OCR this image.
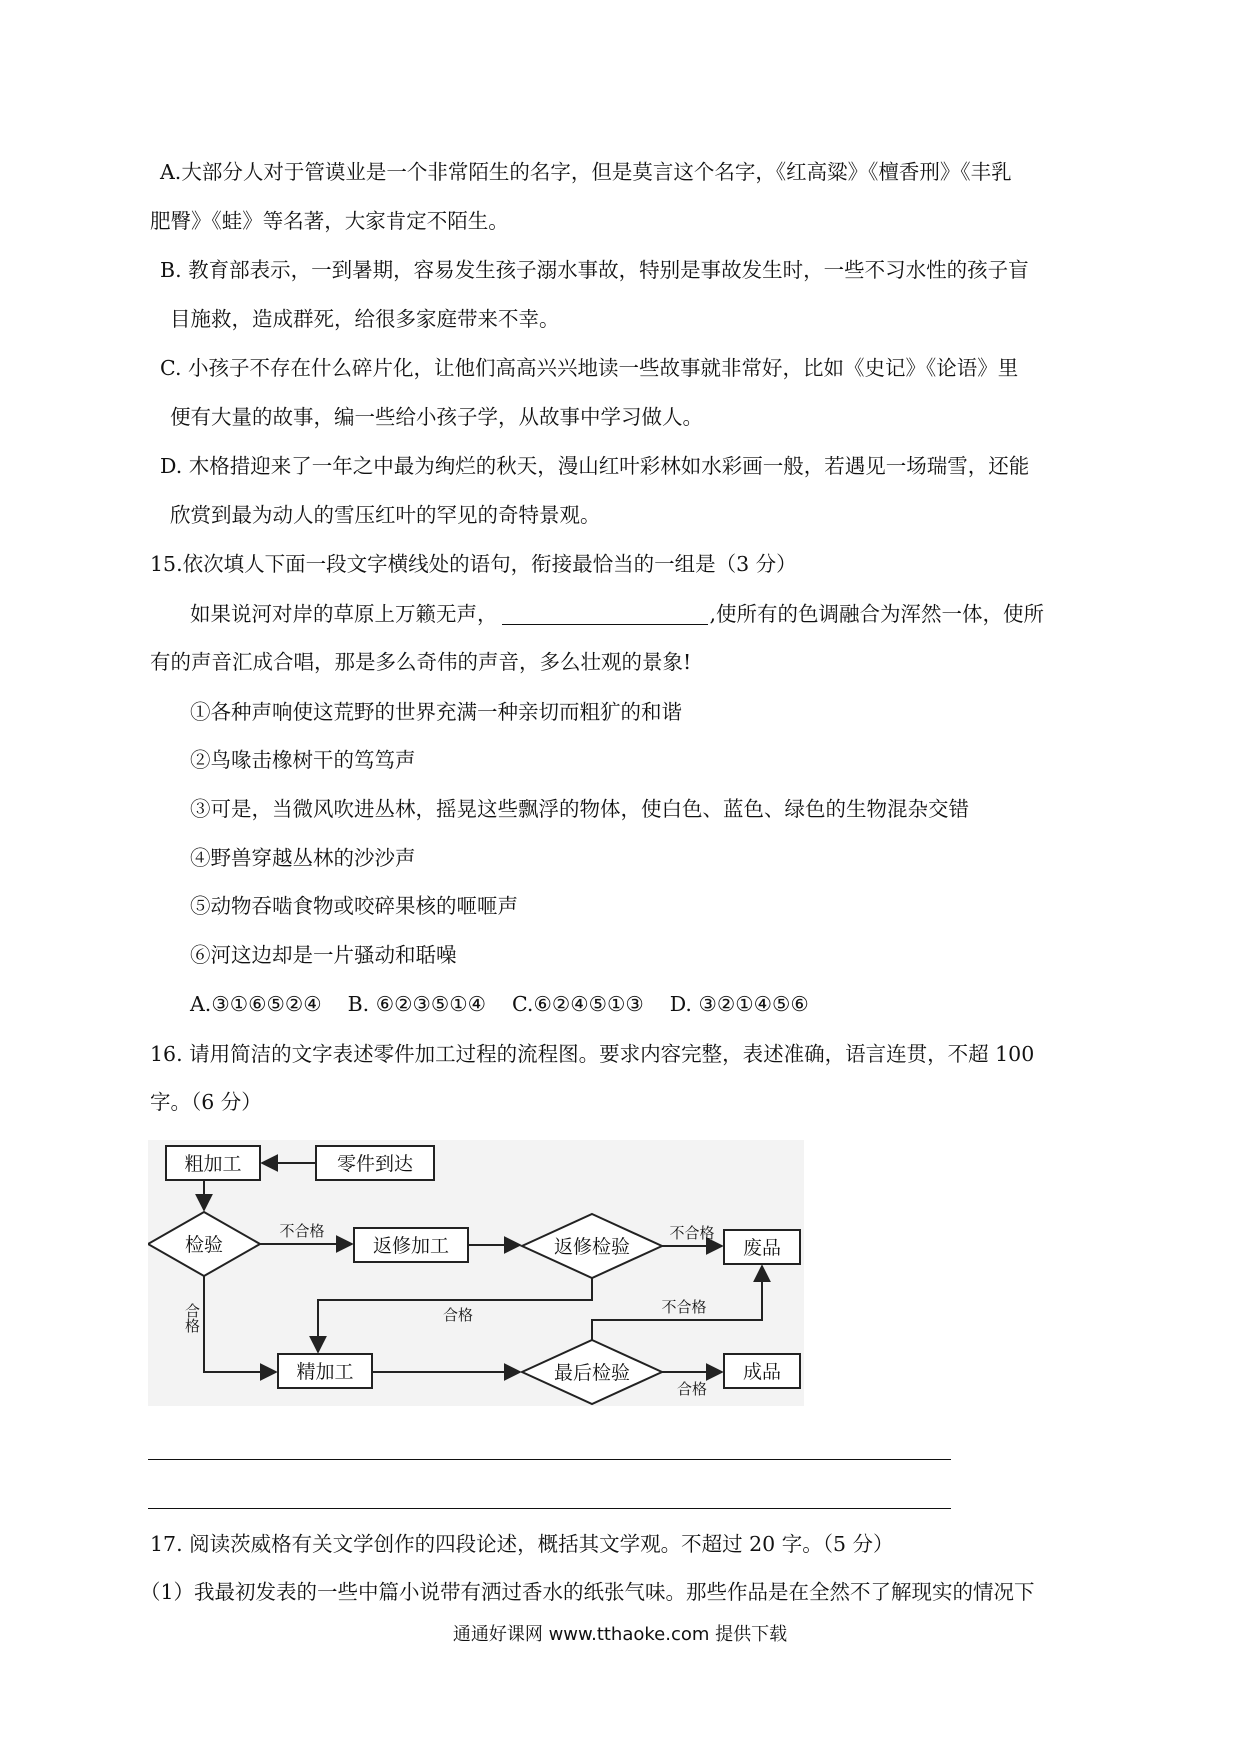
A.大部分人对于管谟业是一个非常陌生的名字，但是莫言这个名字，《红高粱》《檀香刑》《丰乳
肥臀》《蛙》等名著，大家肯定不陌生。
B. 教育部表示，一到暑期，容易发生孩子溺水事故，特别是事故发生时，一些不习水性的孩子盲
目施救，造成群死，给很多家庭带来不幸。
C. 小孩子不存在什么碎片化，让他们高高兴兴地读一些故事就非常好，比如《史记》《论语》里
便有大量的故事，编一些给小孩子学，从故事中学习做人。
D. 木格措迎来了一年之中最为绚烂的秋天，漫山红叶彩林如水彩画一般，若遇见一场瑞雪，还能
欣赏到最为动人的雪压红叶的罕见的奇特景观。
15.依次填人下面一段文字横线处的语句，衔接最恰当的一组是（3 分）
如果说河对岸的草原上万籁无声，	,使所有的色调融合为浑然一体，使所
有的声音汇成合唱，那是多么奇伟的声音，多么壮观的景象!
①各种声响使这荒野的世界充满一种亲切而粗犷的和谐
②鸟喙击橡树干的笃笃声
③可是，当微风吹进丛林，摇晃这些飘浮的物体，使白色、蓝色、绿色的生物混杂交错
④野兽穿越丛林的沙沙声
⑤动物吞啮食物或咬碎果核的咂咂声
⑥河这边却是一片骚动和聒噪
A.③①⑥⑤②④ B. ⑥②③⑤①④ C.⑥②④⑤①③ D. ③②①④⑤⑥
16. 请用简洁的文字表述零件加工过程的流程图。要求内容完整，表述准确，语言连贯，不超 100
字。（6 分）
粗加工	零件到达
检验	返修加工	返修检验	废品
精加工	最后检验	成品
不合格	不合格
不合格
合格
合格
合格
17. 阅读茨威格有关文学创作的四段论述，概括其文学观。不超过 20 字。（5 分）
（1）我最初发表的一些中篇小说带有洒过香水的纸张气味。那些作品是在全然不了解现实的情况下
通通好课网 www.tthaoke.com 提供下载
